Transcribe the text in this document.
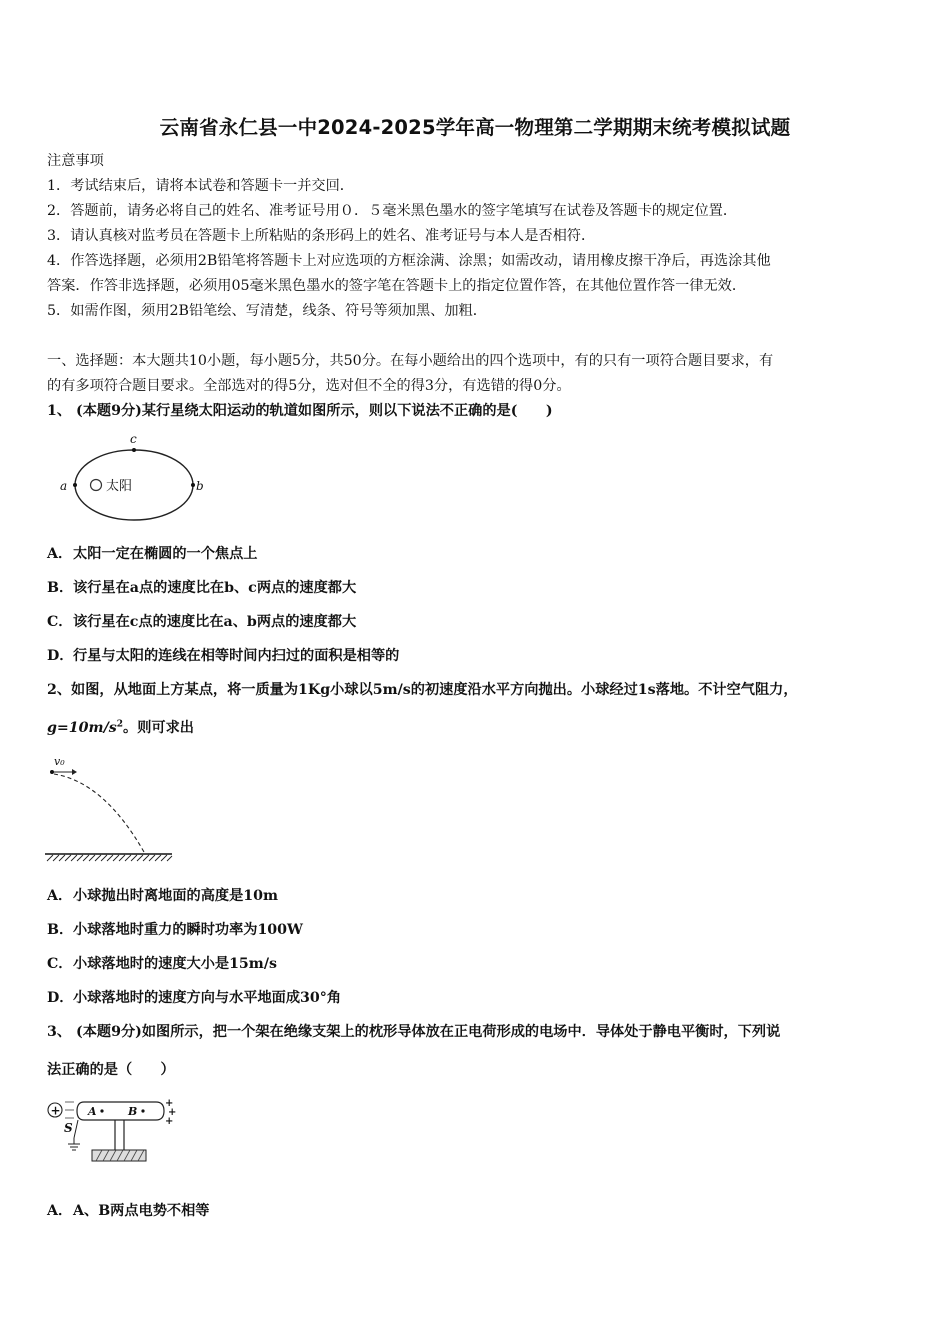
云南省永仁县一中2024-2025学年高一物理第二学期期末统考模拟试题
注意事项
1．考试结束后，请将本试卷和答题卡一并交回．
2．答题前，请务必将自己的姓名、准考证号用０．５毫米黑色墨水的签字笔填写在试卷及答题卡的规定位置．
3．请认真核对监考员在答题卡上所粘贴的条形码上的姓名、准考证号与本人是否相符．
4．作答选择题，必须用2B铅笔将答题卡上对应选项的方框涂满、涂黑；如需改动，请用橡皮擦干净后，再选涂其他
答案．作答非选择题，必须用05毫米黑色墨水的签字笔在答题卡上的指定位置作答，在其他位置作答一律无效．
5．如需作图，须用2B铅笔绘、写清楚，线条、符号等须加黑、加粗．
一、选择题：本大题共10小题，每小题5分，共50分。在每小题给出的四个选项中，有的只有一项符合题目要求，有
的有多项符合题目要求。全部选对的得5分，选对但不全的得3分，有选错的得0分。
1、 (本题9分)某行星绕太阳运动的轨道如图所示，则以下说法不正确的是(　　)
太阳
a	b
c
A．太阳一定在椭圆的一个焦点上
B．该行星在a点的速度比在b、c两点的速度都大
C．该行星在c点的速度比在a、b两点的速度都大
D．行星与太阳的连线在相等时间内扫过的面积是相等的
2、如图，从地面上方某点，将一质量为1Kg小球以5m/s的初速度沿水平方向抛出。小球经过1s落地。不计空气阻力，
$g=10m/s^2$。则可求出
v₀
A．小球抛出时离地面的高度是10m
B．小球落地时重力的瞬时功率为100W
C．小球落地时的速度大小是15m/s
D．小球落地时的速度方向与水平地面成30°角
3、 (本题9分)如图所示，把一个架在绝缘支架上的枕形导体放在正电荷形成的电场中．导体处于静电平衡时，下列说
法正确的是（　　）
+ A	B
+
+
+
S
A．A、B两点电势不相等
